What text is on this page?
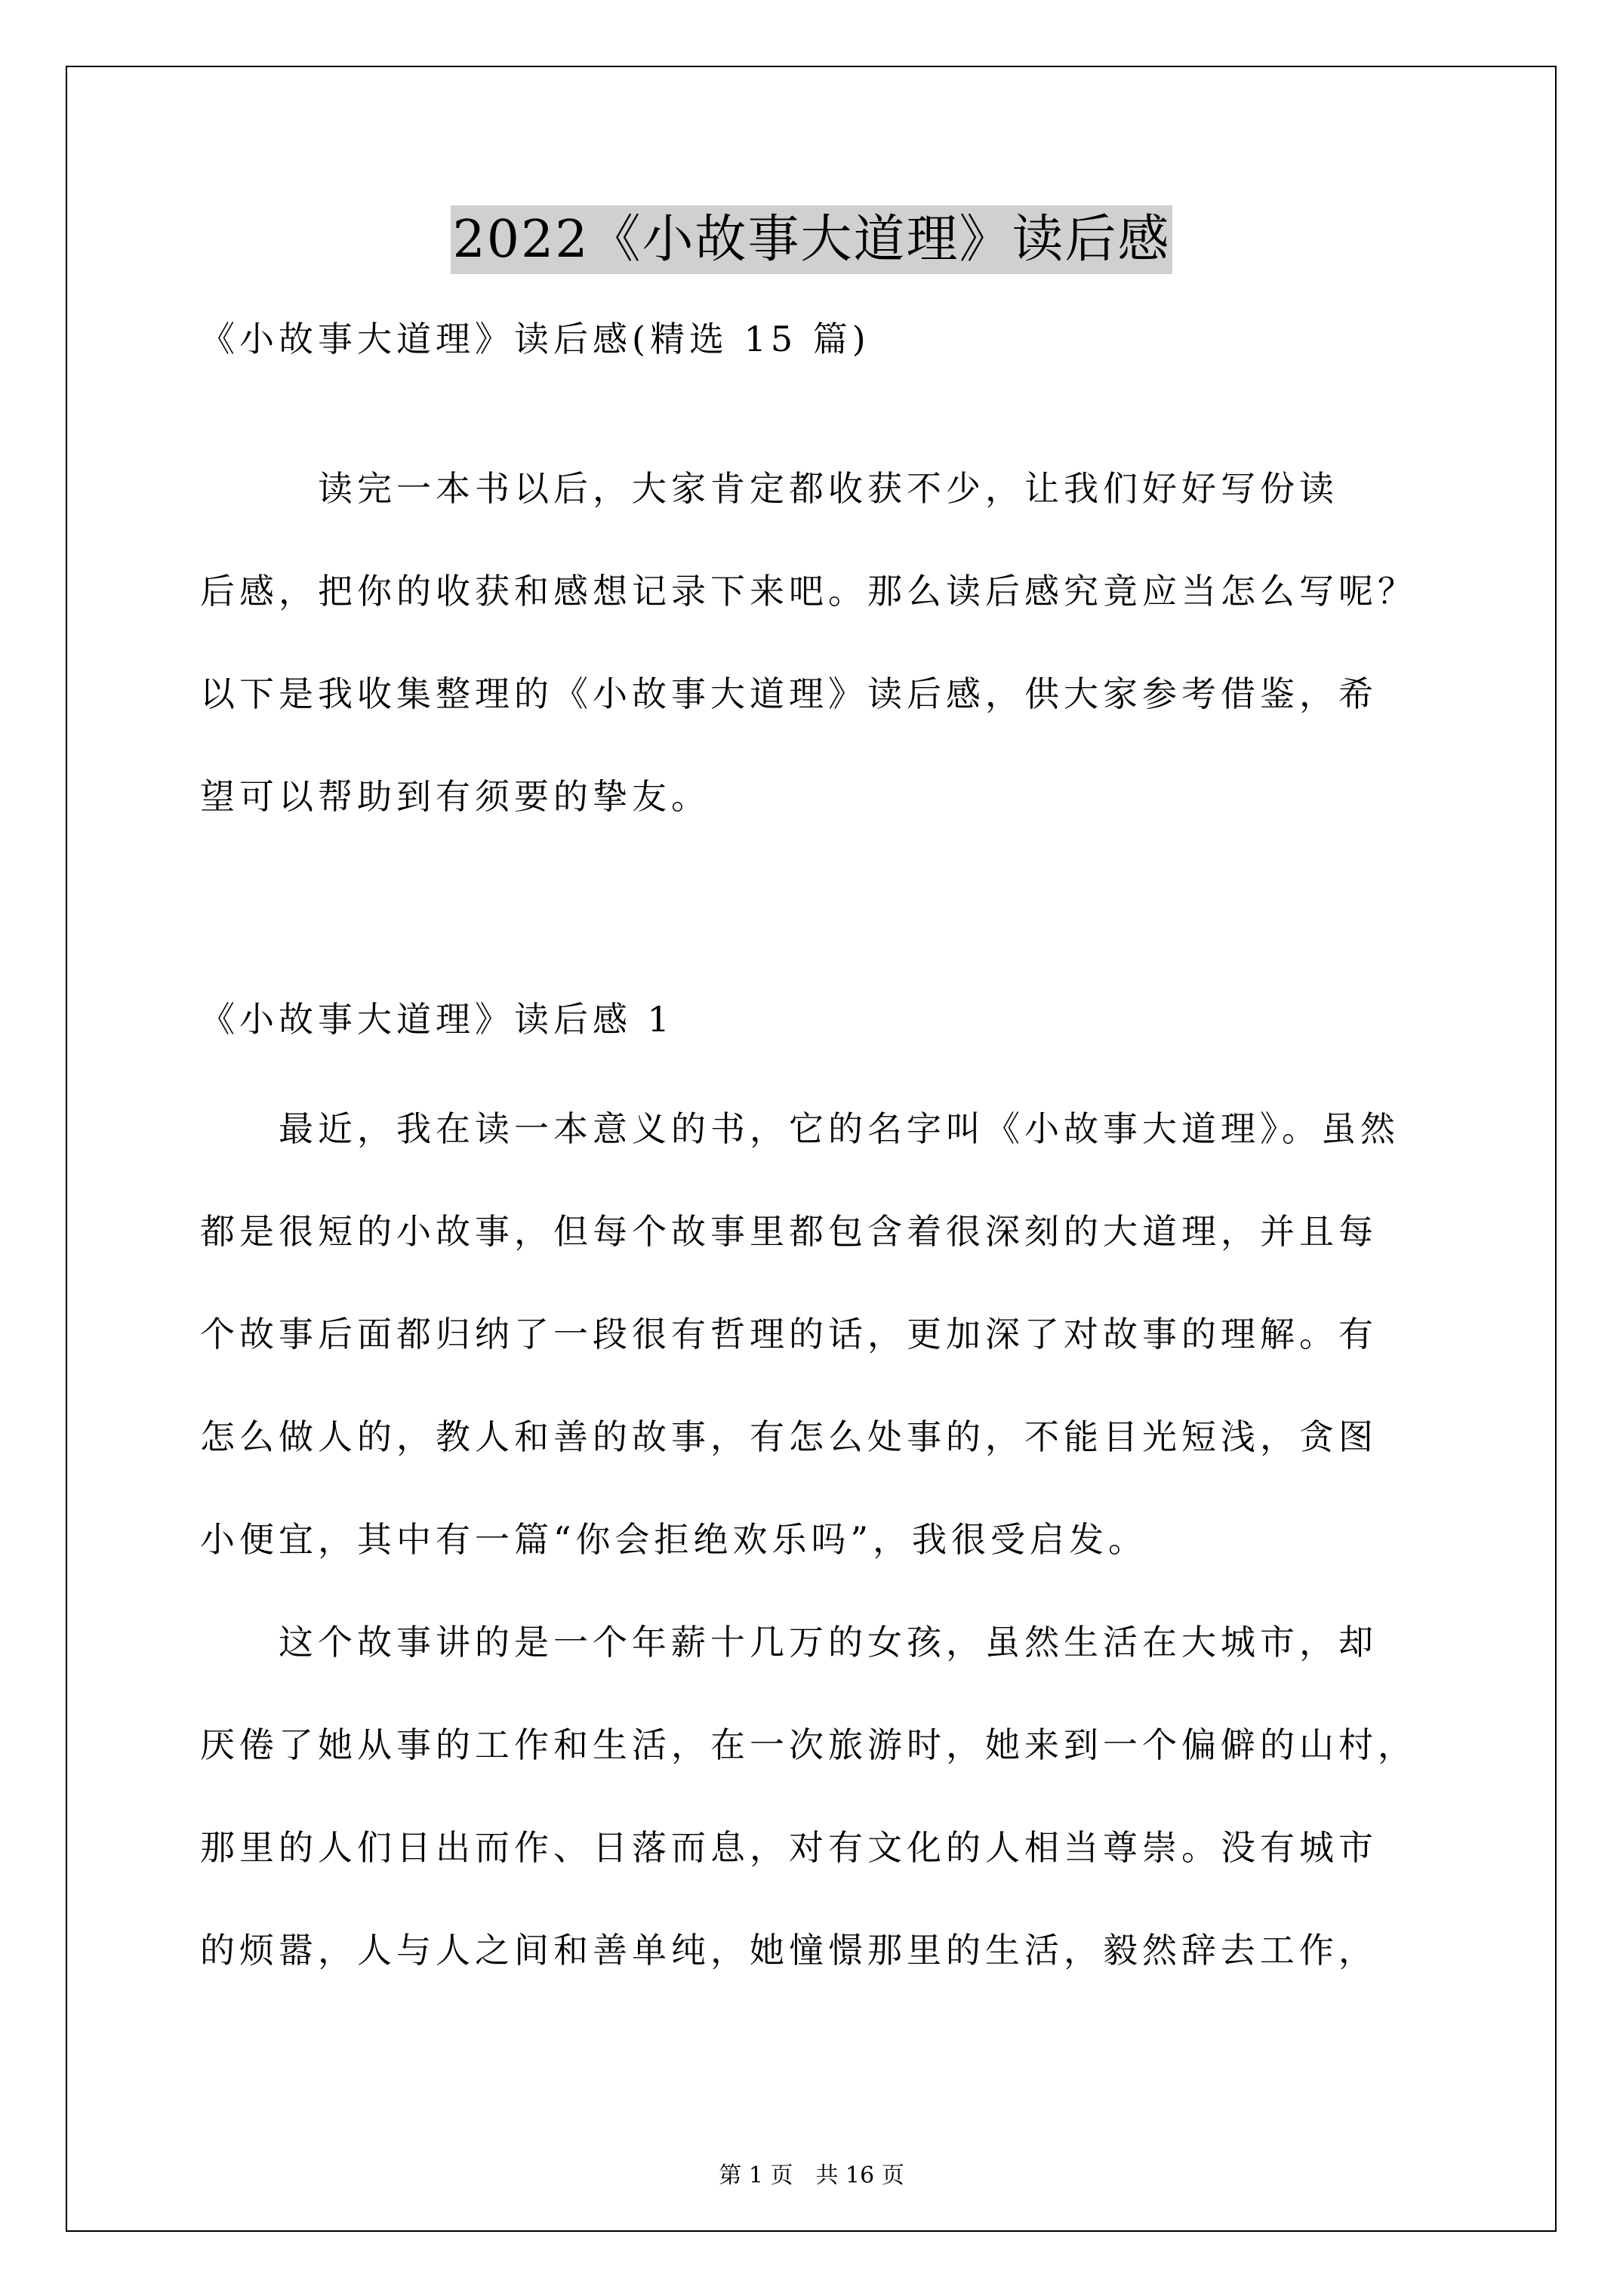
2022《小故事大道理》读后感
《小故事大道理》读后感(精选 15 篇)
　　　读完一本书以后，大家肯定都收获不少，让我们好好写份读
后感，把你的收获和感想记录下来吧。那么读后感究竟应当怎么写呢？
以下是我收集整理的《小故事大道理》读后感，供大家参考借鉴，希
望可以帮助到有须要的挚友。
《小故事大道理》读后感 1
　　最近，我在读一本意义的书，它的名字叫《小故事大道理》。虽然
都是很短的小故事，但每个故事里都包含着很深刻的大道理，并且每
个故事后面都归纳了一段很有哲理的话，更加深了对故事的理解。有
怎么做人的，教人和善的故事，有怎么处事的，不能目光短浅，贪图
小便宜，其中有一篇“你会拒绝欢乐吗”，我很受启发。
　　这个故事讲的是一个年薪十几万的女孩，虽然生活在大城市，却
厌倦了她从事的工作和生活，在一次旅游时，她来到一个偏僻的山村，
那里的人们日出而作、日落而息，对有文化的人相当尊崇。没有城市
的烦嚣，人与人之间和善单纯，她憧憬那里的生活，毅然辞去工作，
第 1 页 共 16 页
